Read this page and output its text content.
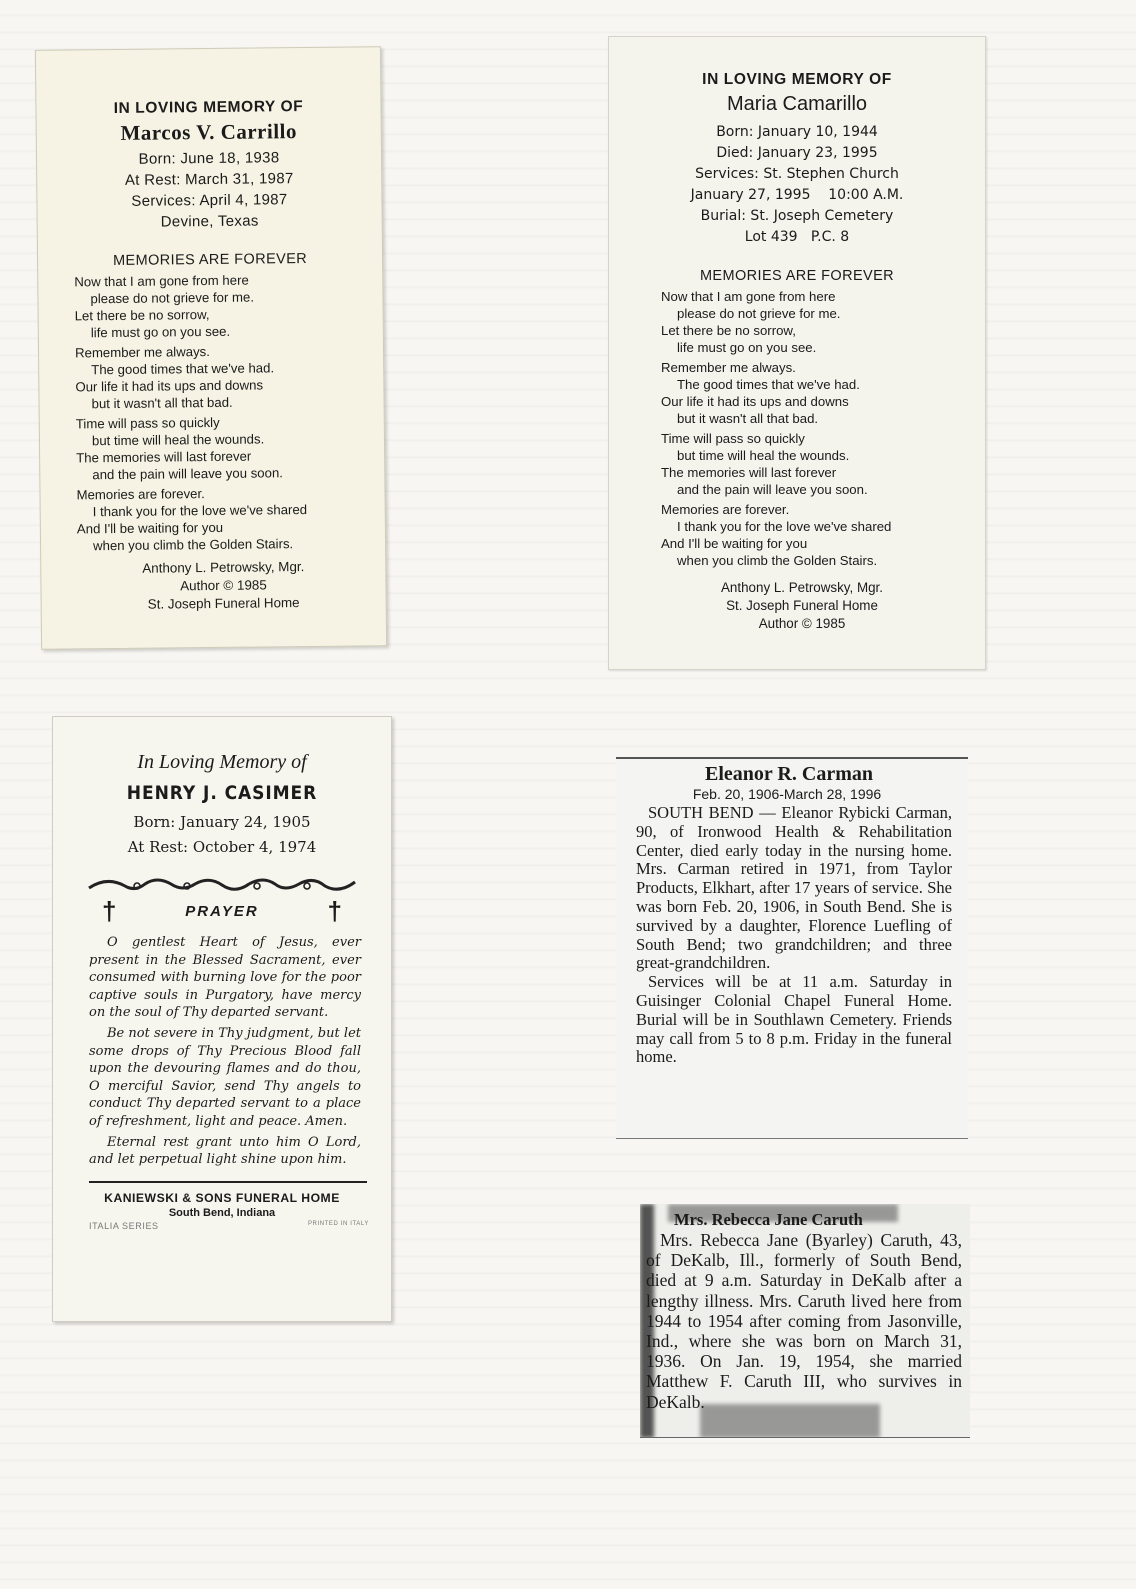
IN LOVING MEMORY OF
Marcos V. Carrillo
Born: June 18, 1938
At Rest: March 31, 1987
Services: April 4, 1987
Devine, Texas
MEMORIES ARE FOREVER
Now that I am gone from here
please do not grieve for me.
Let there be no sorrow,
life must go on you see.
Remember me always.
The good times that we've had.
Our life it had its ups and downs
but it wasn't all that bad.
Time will pass so quickly
but time will heal the wounds.
The memories will last forever
and the pain will leave you soon.
Memories are forever.
I thank you for the love we've shared
And I'll be waiting for you
when you climb the Golden Stairs.
Anthony L. Petrowsky, Mgr.
Author © 1985
St. Joseph Funeral Home
IN LOVING MEMORY OF
Maria Camarillo
Born: January 10, 1944
Died: January 23, 1995
Services: St. Stephen Church
January 27, 1995    10:00 A.M.
Burial: St. Joseph Cemetery
Lot 439   P.C. 8
MEMORIES ARE FOREVER
Now that I am gone from here
please do not grieve for me.
Let there be no sorrow,
life must go on you see.
Remember me always.
The good times that we've had.
Our life it had its ups and downs
but it wasn't all that bad.
Time will pass so quickly
but time will heal the wounds.
The memories will last forever
and the pain will leave you soon.
Memories are forever.
I thank you for the love we've shared
And I'll be waiting for you
when you climb the Golden Stairs.
Anthony L. Petrowsky, Mgr.
St. Joseph Funeral Home
Author © 1985
In Loving Memory of
HENRY J. CASIMER
Born: January 24, 1905
At Rest: October 4, 1974
†	PRAYER	†

O gentlest Heart of Jesus, ever present in the Blessed Sacrament, ever consumed with burning love for the poor captive souls in Purgatory, have mercy on the soul of Thy departed servant.

Be not severe in Thy judgment, but let some drops of Thy Precious Blood fall upon the devouring flames and do thou, O merciful Savior, send Thy angels to conduct Thy departed servant to a place of refreshment, light and peace. Amen.

Eternal rest grant unto him O Lord, and let perpetual light shine upon him.

KANIEWSKI & SONS FUNERAL HOME
South Bend, Indiana
ITALIA SERIES	PRINTED IN ITALY
Eleanor R. Carman
Feb. 20, 1906-March 28, 1996

SOUTH BEND — Eleanor Rybicki Carman, 90, of Ironwood Health & Rehabilitation Center, died early today in the nursing home. Mrs. Carman retired in 1971, from Taylor Products, Elkhart, after 17 years of service. She was born Feb. 20, 1906, in South Bend. She is survived by a daughter, Florence Luefling of South Bend; two grandchildren; and three great-grandchildren.

Services will be at 11 a.m. Saturday in Guisinger Colonial Chapel Funeral Home. Burial will be in Southlawn Cemetery. Friends may call from 5 to 8 p.m. Friday in the funeral home.

Mrs. Rebecca Jane Caruth

Mrs. Rebecca Jane (Byarley) Caruth, 43, of DeKalb, Ill., formerly of South Bend, died at 9 a.m. Saturday in DeKalb after a lengthy illness. Mrs. Caruth lived here from 1944 to 1954 after coming from Jasonville, Ind., where she was born on March 31, 1936. On Jan. 19, 1954, she married Matthew F. Caruth III, who survives in DeKalb.
